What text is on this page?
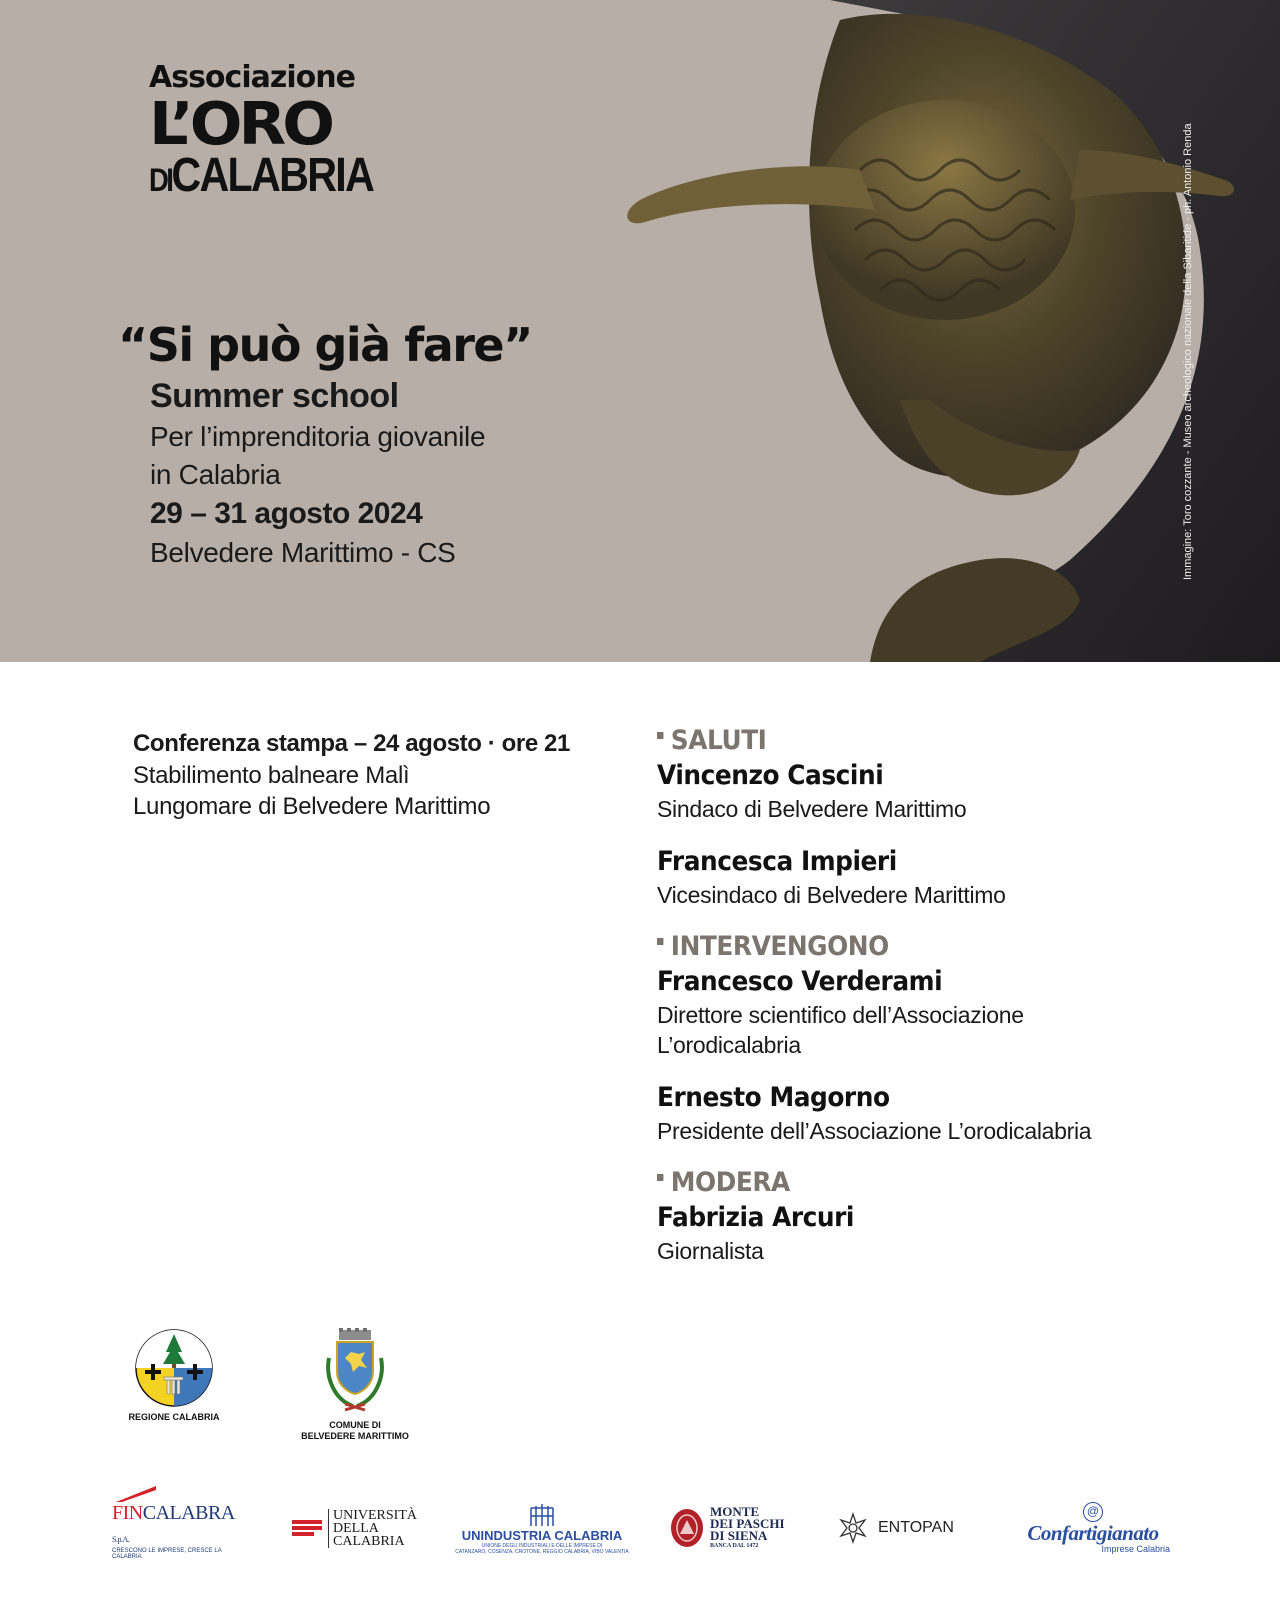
Associazione
L’ORO
DICALABRIA
“Si può già fare”
Summer school
Per l’imprenditoria giovanile
in Calabria
29 – 31 agosto 2024
Belvedere Marittimo - CS	Immagine: Toro cozzante - Museo archeologico nazionale della Sibaritide - ph: Antonio Renda
Conferenza stampa – 24 agosto · ore 21
Stabilimento balneare Malì
Lungomare di Belvedere Marittimo
SALUTI
Vincenzo Cascini
Sindaco di Belvedere Marittimo
Francesca Impieri
Vicesindaco di Belvedere Marittimo
INTERVENGONO
Francesco Verderami
Direttore scientifico dell’Associazione
L’orodicalabria
Ernesto Magorno
Presidente dell’Associazione L’orodicalabria
MODERA
Fabrizia Arcuri
Giornalista
REGIONE CALABRIA
COMUNE DI
BELVEDERE MARITTIMO
FINCALABRA S.p.A.
CRESCONO LE IMPRESE, CRESCE LA CALABRIA
UNIVERSITÀ
DELLA
CALABRIA	UNINDUSTRIA CALABRIA
UNIONE DEGLI INDUSTRIALI E DELLE IMPRESE DI
CATANZARO, COSENZA, CROTONE, REGGIO CALABRIA, VIBO VALENTIA
MONTE
DEI PASCHI
DI SIENA
BANCA DAL 1472
ENTOPAN
@
Confartigianato
Imprese Calabria
